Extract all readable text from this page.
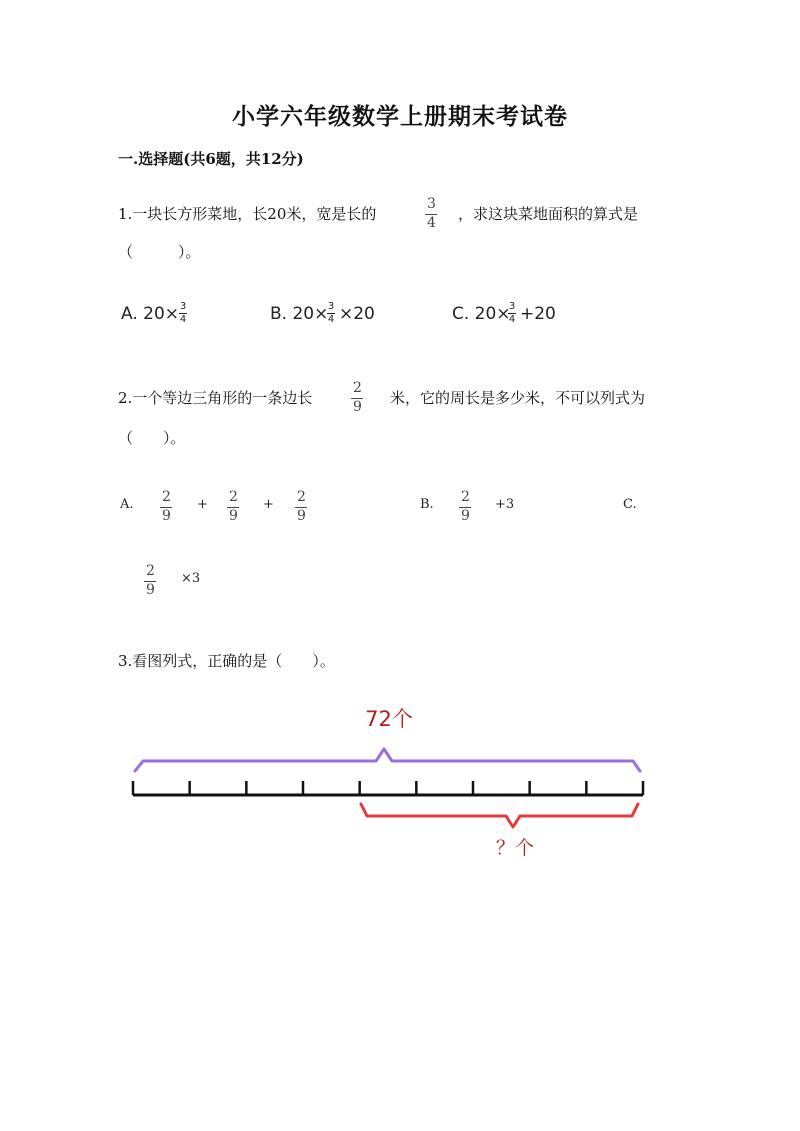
小学六年级数学上册期末考试卷
一.选择题(共6题，共12分)
1.一块长方形菜地，长20米，宽是长的
3
4 ，求这块菜地面积的算式是
（　　　）。
A. 20× 3
4	B. 20× 3
4 ×20	C. 20×
3
4 +20
2.一个等边三角形的一条边长
2
9 米，它的周长是多少米，不可以列式为
（　　）。
A. 2
9
+ 2
9
+ 2
9
B. 2
9
+3	C.
2
9
×3
3.看图列式，正确的是（　　）。
72个
？个
